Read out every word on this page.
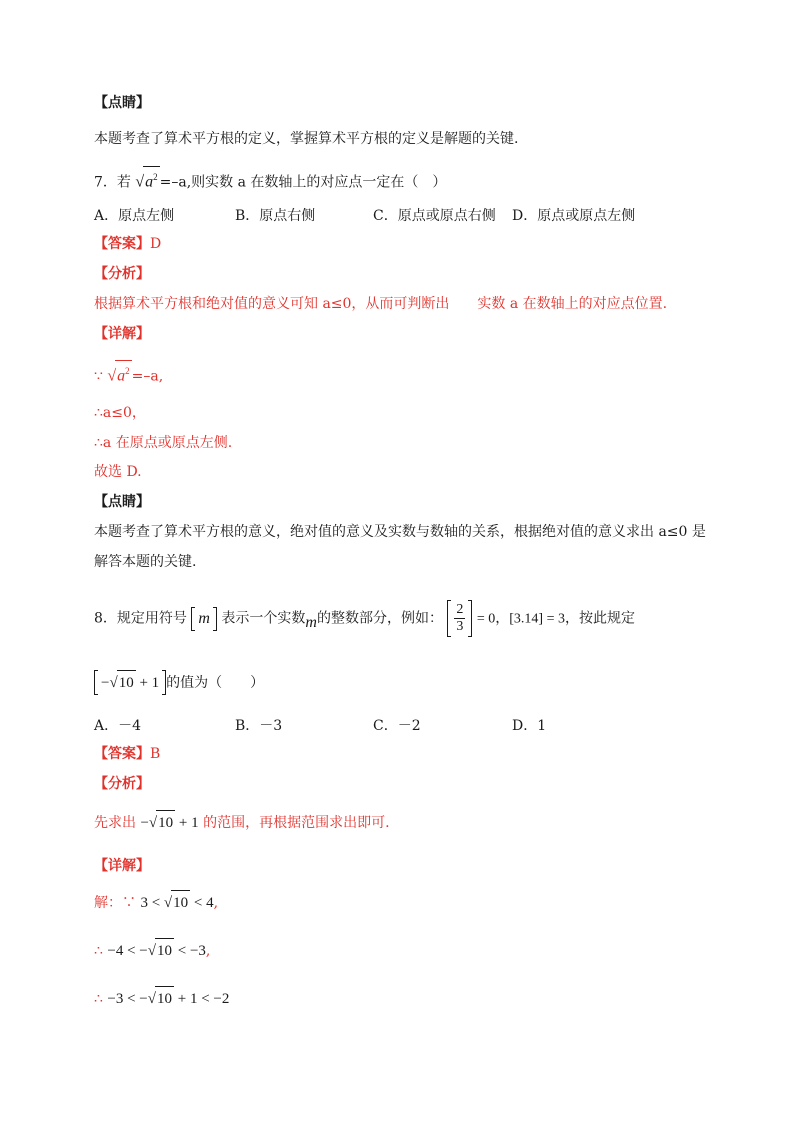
【点睛】
本题考查了算术平方根的定义，掌握算术平方根的定义是解题的关键.
7．若 $√a^2 =-a$,则实数 a 在数轴上的对应点一定在（　）
A．原点左侧	B．原点右侧	C．原点或原点右侧 D．原点或原点左侧
【答案】D
【分析】
根据算术平方根和绝对值的意义可知 a≤0，从而可判断出　　实数 a 在数轴上的对应点位置.
【详解】
∵ $√a^2 =-a$,
∴a≤0，
∴a 在原点或原点左侧.
故选 D.
【点睛】
本题考查了算术平方根的意义，绝对值的意义及实数与数轴的关系，根据绝对值的意义求出 a≤0 是
解答本题的关键.
8．规定用符号 m 表示一个实数m的整数部分，例如： $\frac{2}{3} = 0$，[3.14] = 3，按此规定
−√10 + 1 的值为（　　）
A．－4	B．－3	C．－2	D．1
【答案】B
【分析】
先求出 −√10 + 1 的范围，再根据范围求出即可.
【详解】
解：∵ 3 < √10 < 4,
∴ −4 < −√10 < −3,
∴ −3 < −√10 + 1 < −2
